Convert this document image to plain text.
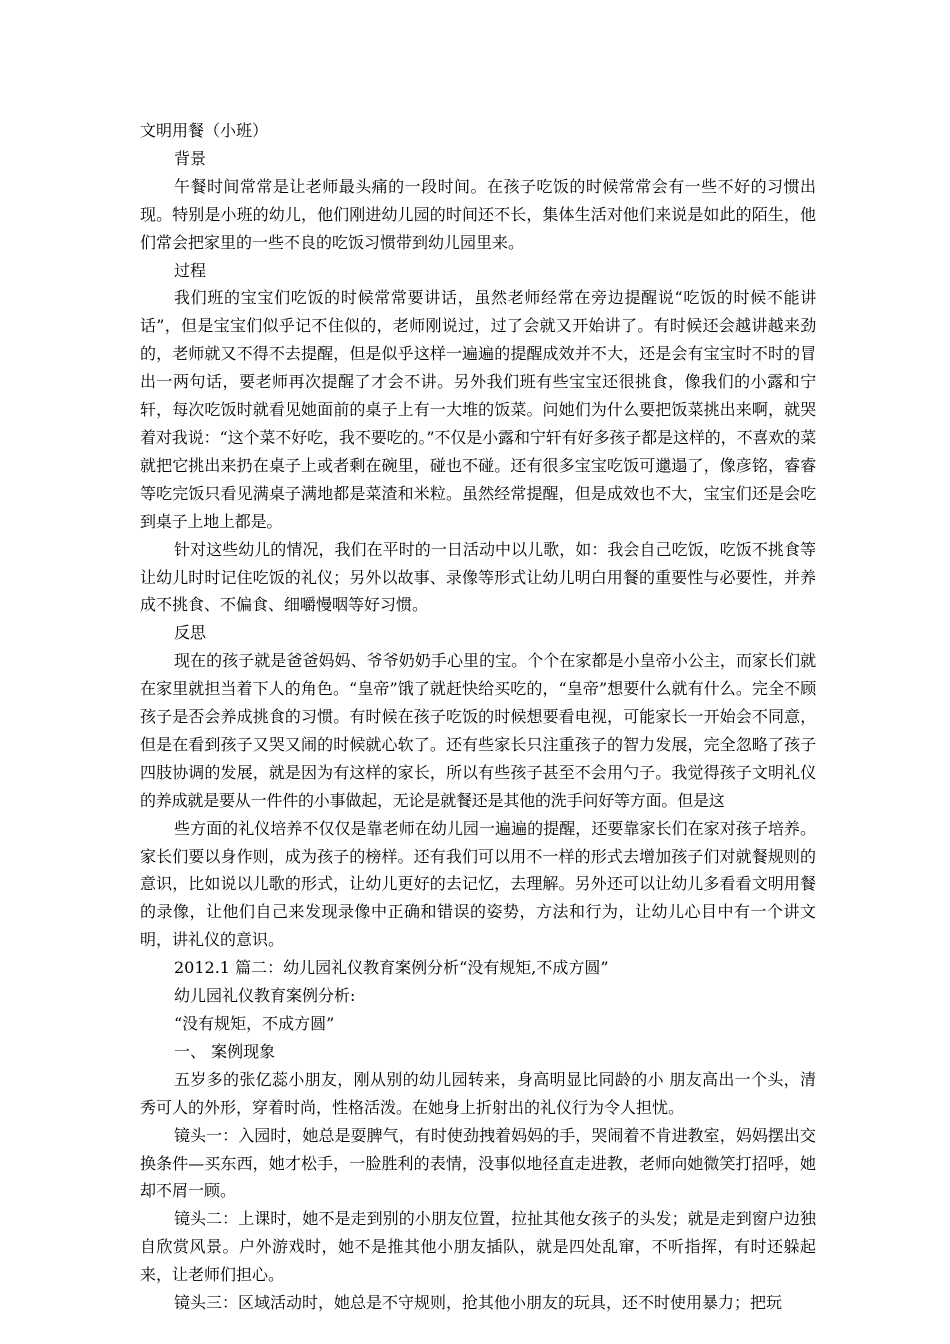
文明用餐（小班）

背景

午餐时间常常是让老师最头痛的一段时间。在孩子吃饭的时候常常会有一些不好的习惯出现。特别是小班的幼儿，他们刚进幼儿园的时间还不长，集体生活对他们来说是如此的陌生，他们常会把家里的一些不良的吃饭习惯带到幼儿园里来。

过程

我们班的宝宝们吃饭的时候常常要讲话，虽然老师经常在旁边提醒说“吃饭的时候不能讲话”，但是宝宝们似乎记不住似的，老师刚说过，过了会就又开始讲了。有时候还会越讲越来劲的，老师就又不得不去提醒，但是似乎这样一遍遍的提醒成效并不大，还是会有宝宝时不时的冒出一两句话，要老师再次提醒了才会不讲。另外我们班有些宝宝还很挑食，像我们的小露和宁轩，每次吃饭时就看见她面前的桌子上有一大堆的饭菜。问她们为什么要把饭菜挑出来啊，就哭着对我说：“这个菜不好吃，我不要吃的。”不仅是小露和宁轩有好多孩子都是这样的，不喜欢的菜就把它挑出来扔在桌子上或者剩在碗里，碰也不碰。还有很多宝宝吃饭可邋遢了，像彦铭，睿睿等吃完饭只看见满桌子满地都是菜渣和米粒。虽然经常提醒，但是成效也不大，宝宝们还是会吃到桌子上地上都是。

针对这些幼儿的情况，我们在平时的一日活动中以儿歌，如：我会自己吃饭，吃饭不挑食等让幼儿时时记住吃饭的礼仪；另外以故事、录像等形式让幼儿明白用餐的重要性与必要性，并养成不挑食、不偏食、细嚼慢咽等好习惯。

反思

现在的孩子就是爸爸妈妈、爷爷奶奶手心里的宝。个个在家都是小皇帝小公主，而家长们就在家里就担当着下人的角色。“皇帝”饿了就赶快给买吃的，“皇帝”想要什么就有什么。完全不顾孩子是否会养成挑食的习惯。有时候在孩子吃饭的时候想要看电视，可能家长一开始会不同意，但是在看到孩子又哭又闹的时候就心软了。还有些家长只注重孩子的智力发展，完全忽略了孩子四肢协调的发展，就是因为有这样的家长，所以有些孩子甚至不会用勺子。我觉得孩子文明礼仪的养成就是要从一件件的小事做起，无论是就餐还是其他的洗手问好等方面。但是这

些方面的礼仪培养不仅仅是靠老师在幼儿园一遍遍的提醒，还要靠家长们在家对孩子培养。家长们要以身作则，成为孩子的榜样。还有我们可以用不一样的形式去增加孩子们对就餐规则的意识，比如说以儿歌的形式，让幼儿更好的去记忆，去理解。另外还可以让幼儿多看看文明用餐的录像，让他们自己来发现录像中正确和错误的姿势，方法和行为，让幼儿心目中有一个讲文明，讲礼仪的意识。

2012.1 篇二：幼儿园礼仪教育案例分析“没有规矩,不成方圆”

幼儿园礼仪教育案例分析:

“没有规矩，不成方圆”

一、 案例现象

五岁多的张亿蕊小朋友，刚从别的幼儿园转来，身高明显比同龄的小 朋友高出一个头，清秀可人的外形，穿着时尚，性格活泼。在她身上折射出的礼仪行为令人担忧。

镜头一：入园时，她总是耍脾气，有时使劲拽着妈妈的手，哭闹着不肯进教室，妈妈摆出交换条件—买东西，她才松手，一脸胜利的表情，没事似地径直走进教，老师向她微笑打招呼，她却不屑一顾。

镜头二：上课时，她不是走到别的小朋友位置，拉扯其他女孩子的头发；就是走到窗户边独自欣赏风景。户外游戏时，她不是推其他小朋友插队，就是四处乱窜，不听指挥，有时还躲起来，让老师们担心。

镜头三：区域活动时，她总是不守规则，抢其他小朋友的玩具，还不时使用暴力；把玩
